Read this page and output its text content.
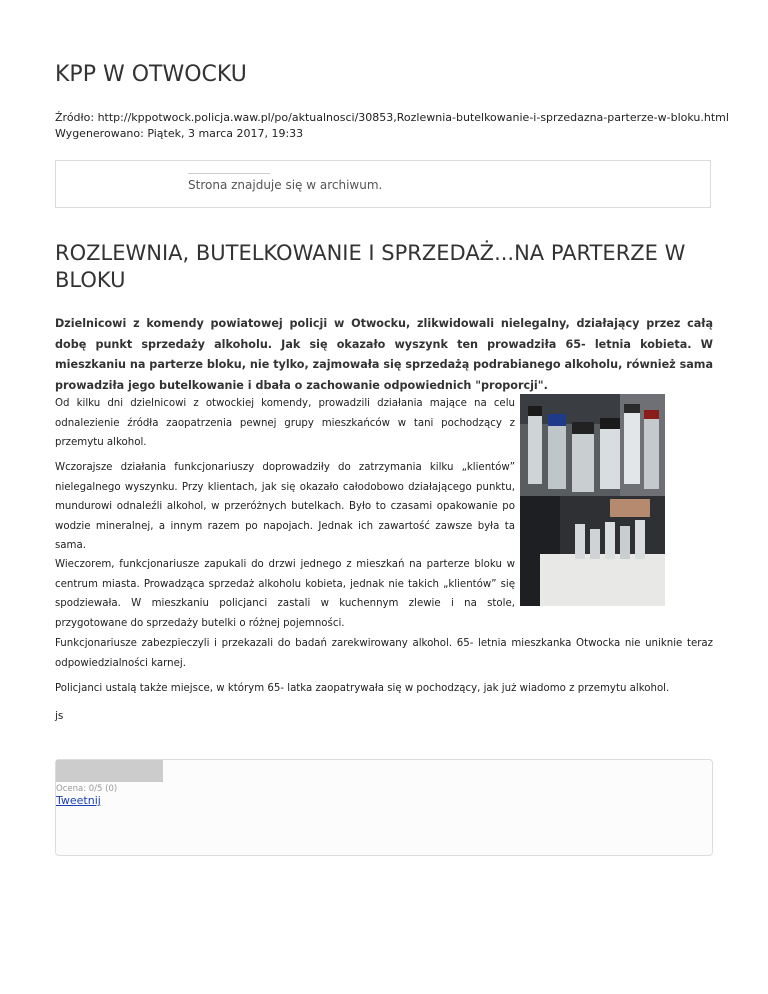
KPP W OTWOCKU
Źródło: http://kppotwock.policja.waw.pl/po/aktualnosci/30853,Rozlewnia-butelkowanie-i-sprzedazna-parterze-w-bloku.html
Wygenerowano: Piątek, 3 marca 2017, 19:33
Strona znajduje się w archiwum.
ROZLEWNIA, BUTELKOWANIE I SPRZEDAŻ...NA PARTERZE W BLOKU

Dzielnicowi z komendy powiatowej policji w Otwocku, zlikwidowali nielegalny, działający przez całą dobę punkt sprzedaży alkoholu. Jak się okazało wyszynk ten prowadziła 65- letnia kobieta. W mieszkaniu na parterze bloku, nie tylko, zajmowała się sprzedażą podrabianego alkoholu, również sama prowadziła jego butelkowanie i dbała o zachowanie odpowiednich "proporcji".

Od kilku dni dzielnicowi z otwockiej komendy, prowadzili działania mające na celu odnalezienie źródła zaopatrzenia pewnej grupy mieszkańców w tani pochodzący z przemytu alkohol.

Wczorajsze działania funkcjonariuszy doprowadziły do zatrzymania kilku „klientów” nielegalnego wyszynku. Przy klientach, jak się okazało całodobowo działającego punktu, mundurowi odnaleźli alkohol, w przeróżnych butelkach. Było to czasami opakowanie po wodzie mineralnej, a innym razem po napojach. Jednak ich zawartość zawsze była ta sama.

Wieczorem, funkcjonariusze zapukali do drzwi jednego z mieszkań na parterze bloku w centrum miasta. Prowadząca sprzedaż alkoholu kobieta, jednak nie takich „klientów” się spodziewała. W mieszkaniu policjanci zastali w kuchennym zlewie i na stole, przygotowane do sprzedaży butelki o różnej pojemności.

Funkcjonariusze zabezpieczyli i przekazali do badań zarekwirowany alkohol. 65- letnia mieszkanka Otwocka nie uniknie teraz odpowiedzialności karnej.

Policjanci ustalą także miejsce, w którym 65- latka zaopatrywała się w pochodzący, jak już wiadomo z przemytu alkohol.

js
Ocena: 0/5 (0)
Tweetnij
